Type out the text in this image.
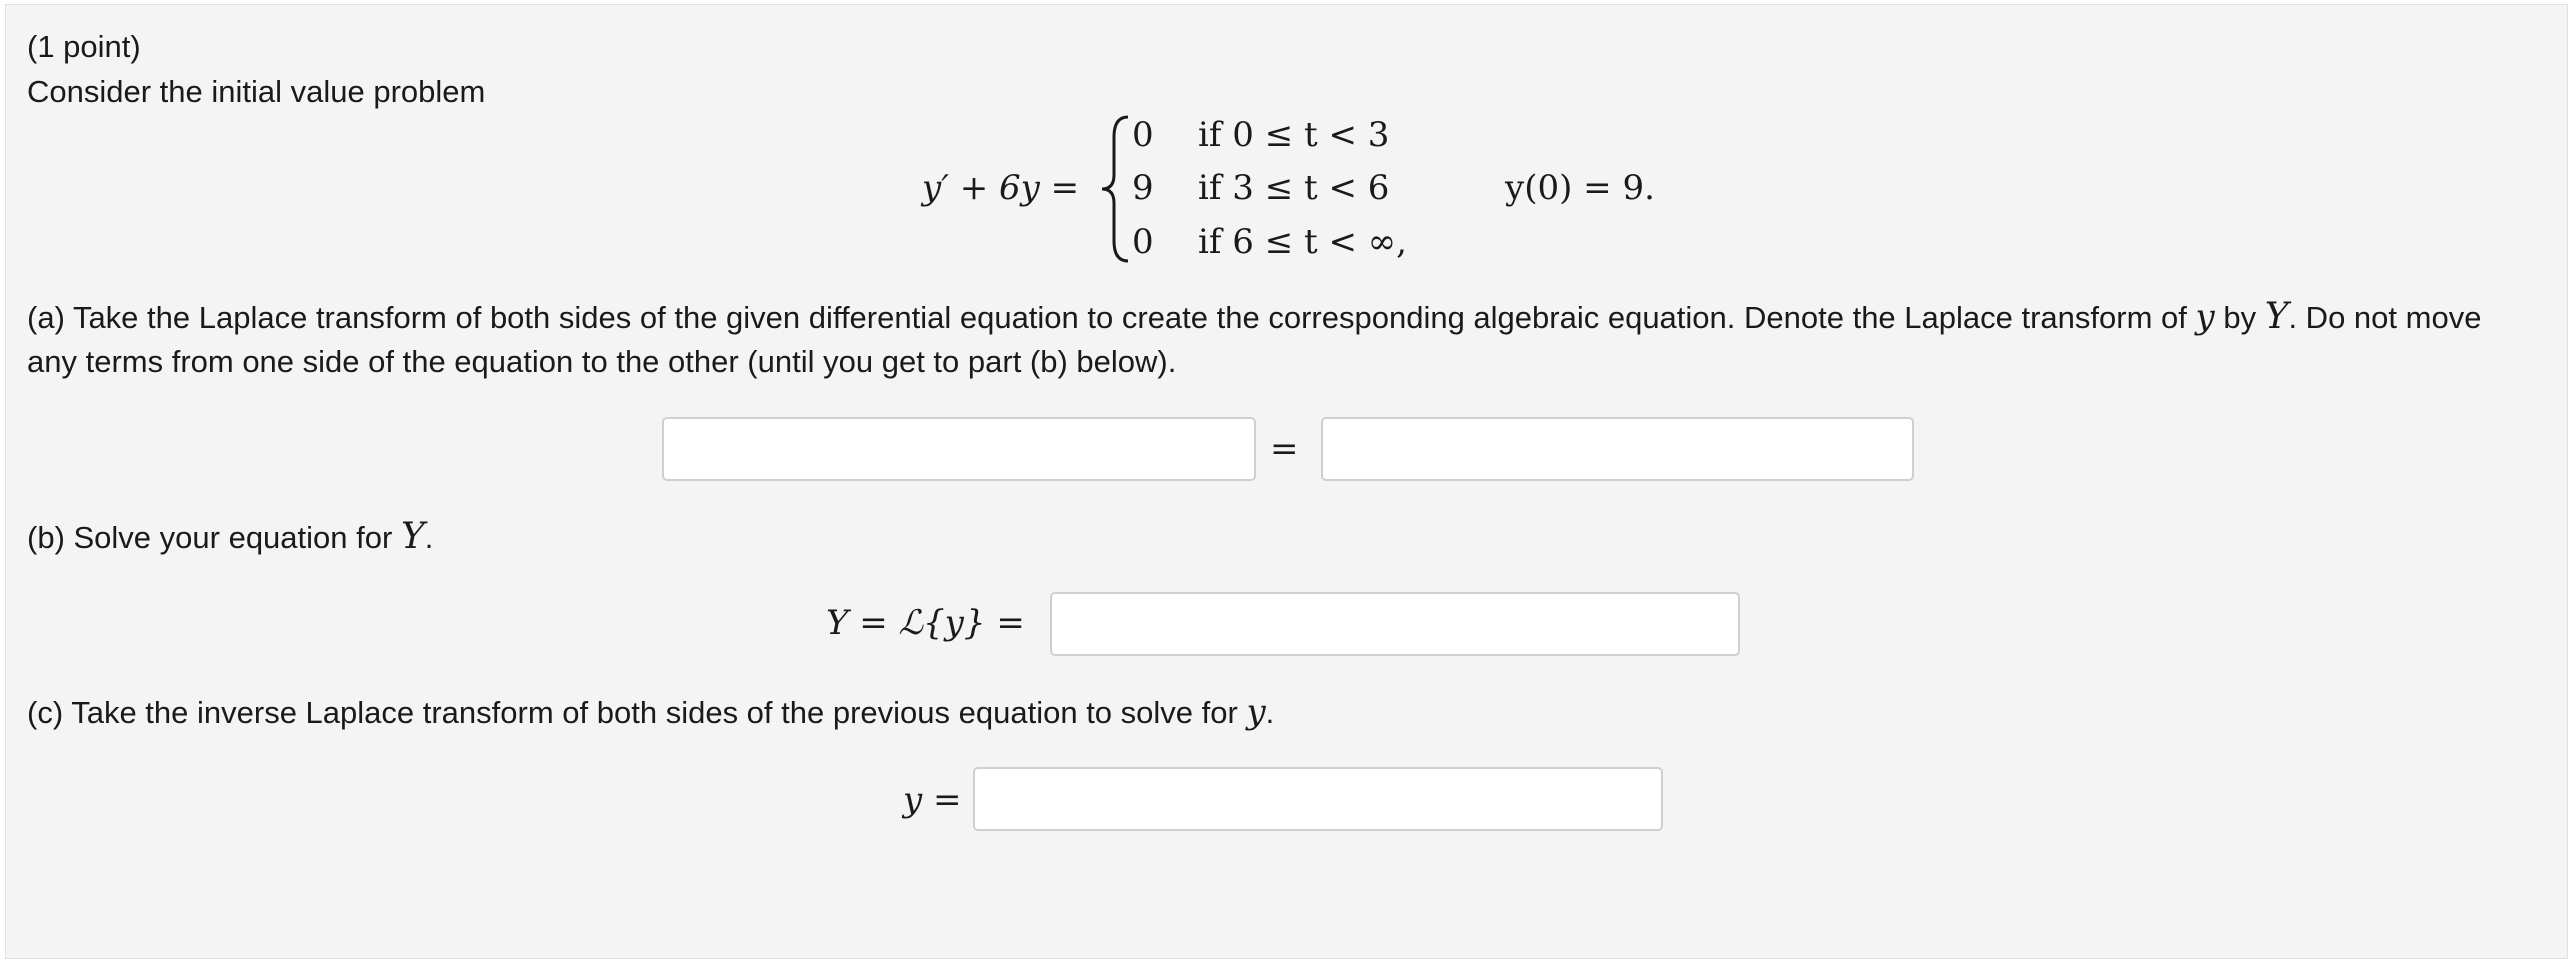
(1 point)
Consider the initial value problem
y′ + 6y =
0 if 0 ≤ t < 3
9 if 3 ≤ t < 6
0 if 6 ≤ t < ∞,
y(0) = 9.
(a) Take the Laplace transform of both sides of the given differential equation to create the corresponding algebraic equation. Denote the Laplace transform of y by Y. Do not move
any terms from one side of the equation to the other (until you get to part (b) below).
=
(b) Solve your equation for Y.
Y = ℒ{y} =
(c) Take the inverse Laplace transform of both sides of the previous equation to solve for y.
y =
